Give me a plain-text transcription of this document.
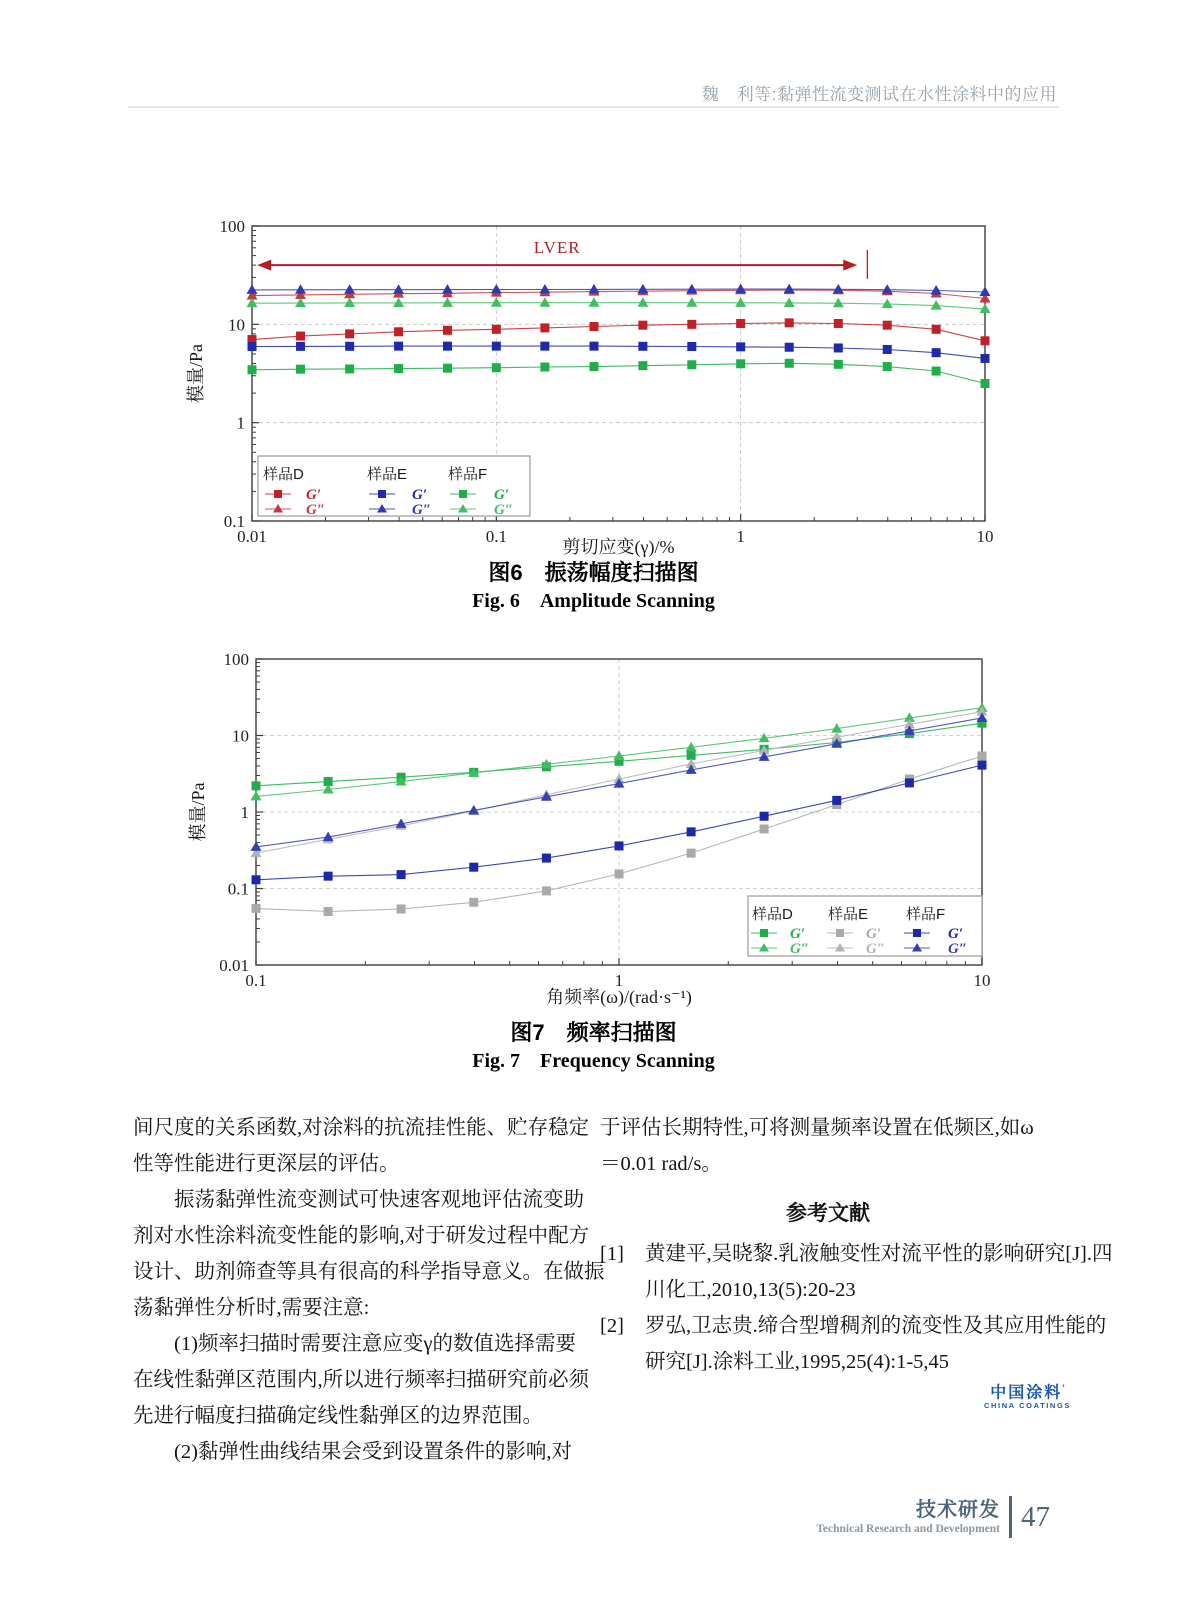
魏　利等:黏弹性流变测试在水性涂料中的应用
0.01	0.1	1	10
0.1
1
10
100
模量/Pa
剪切应变(γ)/%
样品D
G′
G″
样品E
G′
G″
样品F
G′
G″
LVER
图6　振荡幅度扫描图
Fig. 6　Amplitude Scanning
0.1	1	10
0.01
0.1
1
10
100
模量/Pa
角频率(ω)/(rad·s⁻¹)
样品D
G′
G″
样品E
G′
G″
样品F
G′
G″
图7　频率扫描图
Fig. 7　Frequency Scanning
间尺度的关系函数,对涂料的抗流挂性能、贮存稳定
性等性能进行更深层的评估。
　　振荡黏弹性流变测试可快速客观地评估流变助
剂对水性涂料流变性能的影响,对于研发过程中配方
设计、助剂筛查等具有很高的科学指导意义。在做振
荡黏弹性分析时,需要注意:
　　(1)频率扫描时需要注意应变γ的数值选择需要
在线性黏弹区范围内,所以进行频率扫描研究前必须
先进行幅度扫描确定线性黏弹区的边界范围。
　　(2)黏弹性曲线结果会受到设置条件的影响,对
于评估长期特性,可将测量频率设置在低频区,如ω
＝0.01 rad/s。
参考文献
[1]	黄建平,吴晓黎.乳液触变性对流平性的影响研究[J].四
川化工,2010,13(5):20-23
[2]	罗弘,卫志贵.缔合型增稠剂的流变性及其应用性能的
研究[J].涂料工业,1995,25(4):1-5,45
中国涂料’
CHINA COATINGS
技术研发
Technical Research and Development 47
